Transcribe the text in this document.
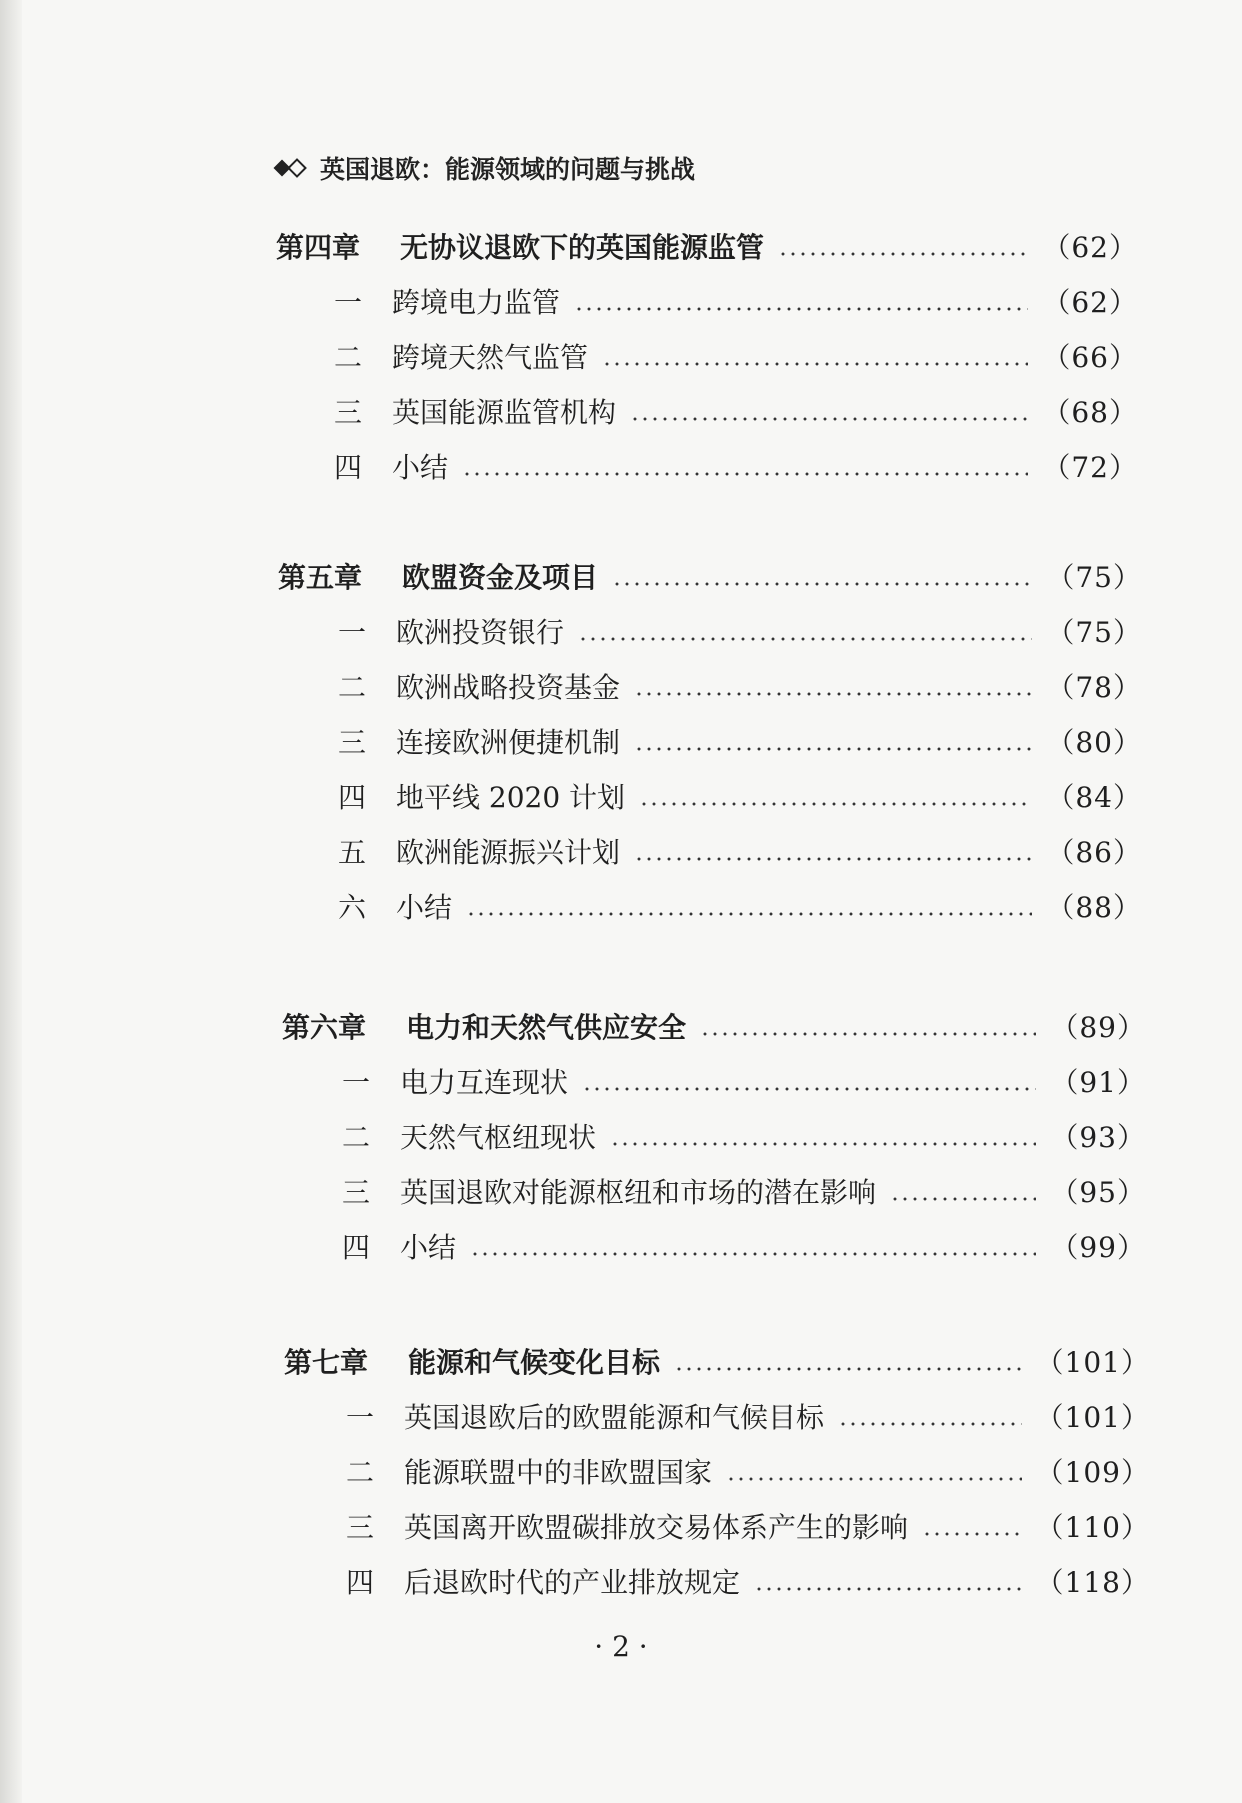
英国退欧：能源领域的问题与挑战
第四章	无协议退欧下的英国能源监管	（62）
一	跨境电力监管	（62）
二	跨境天然气监管	（66）
三	英国能源监管机构	（68）
四	小结	（72）
第五章	欧盟资金及项目	（75）
一	欧洲投资银行	（75）
二	欧洲战略投资基金	（78）
三	连接欧洲便捷机制	（80）
四	地平线 2020 计划	（84）
五	欧洲能源振兴计划	（86）
六	小结	（88）
第六章	电力和天然气供应安全	（89）
一	电力互连现状	（91）
二	天然气枢纽现状	（93）
三	英国退欧对能源枢纽和市场的潜在影响	（95）
四	小结	（99）
第七章	能源和气候变化目标	（101）
一	英国退欧后的欧盟能源和气候目标	（101）
二	能源联盟中的非欧盟国家	（109）
三	英国离开欧盟碳排放交易体系产生的影响	（110）
四	后退欧时代的产业排放规定	（118）
· 2 ·
